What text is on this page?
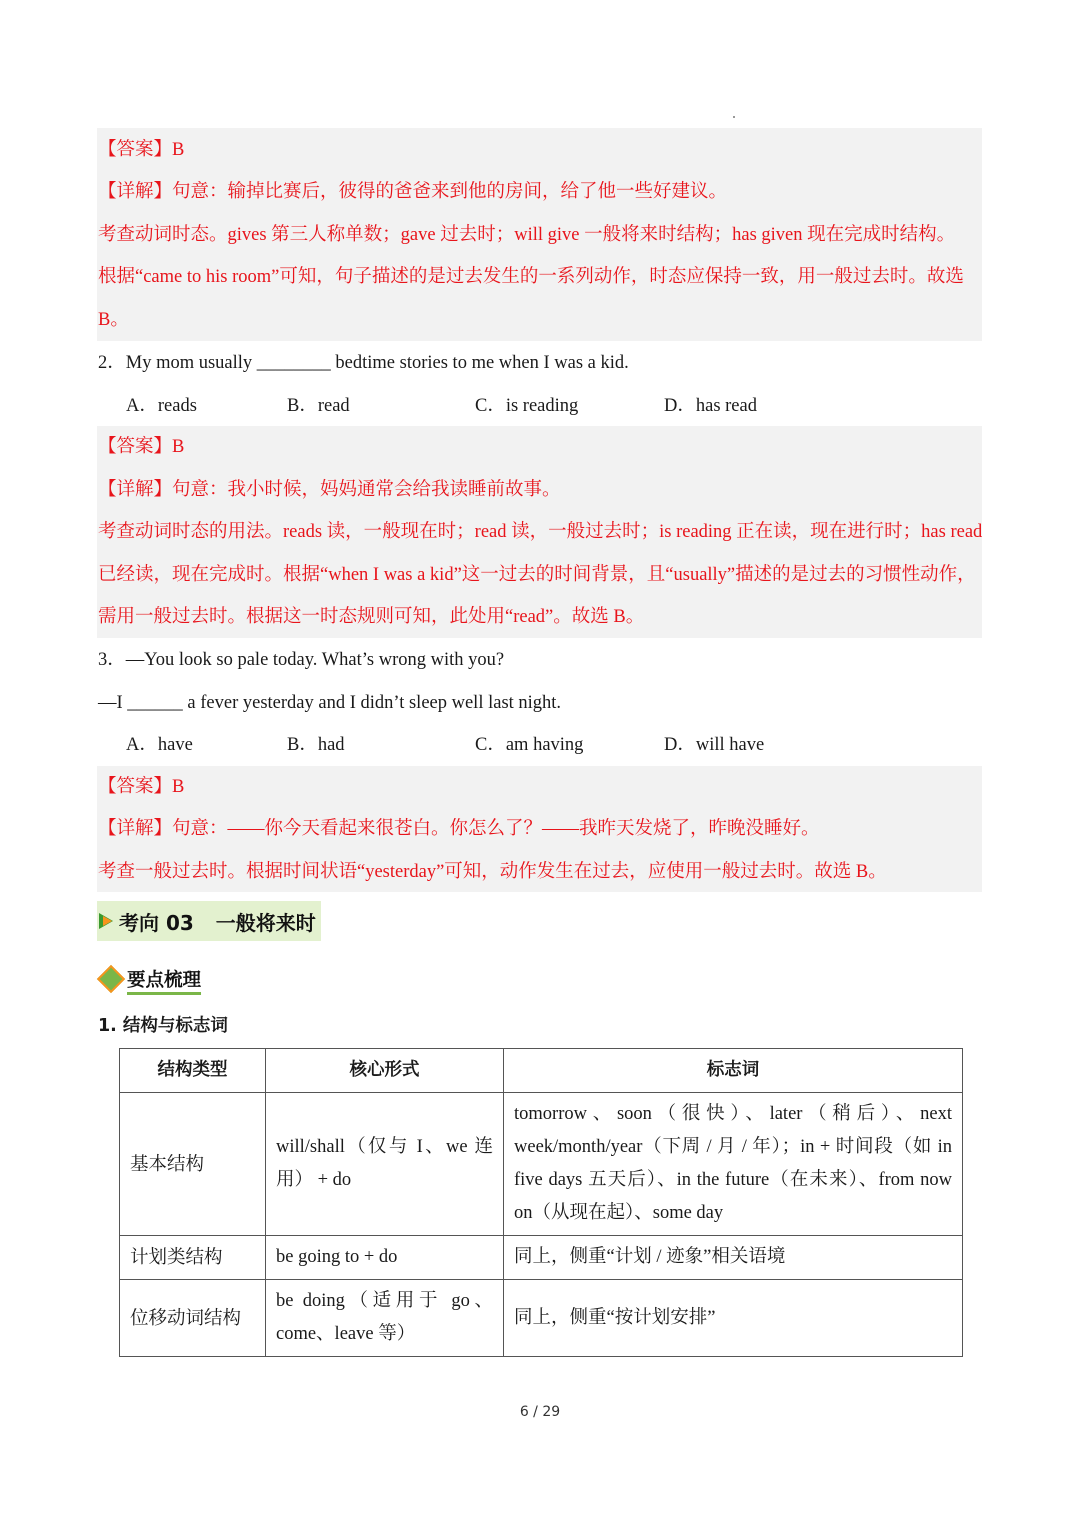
【答案】B
【详解】句意：输掉比赛后，彼得的爸爸来到他的房间，给了他一些好建议。
考查动词时态。gives 第三人称单数；gave 过去时；will give 一般将来时结构；has given 现在完成时结构。
根据“came to his room”可知，句子描述的是过去发生的一系列动作，时态应保持一致，用一般过去时。故选
B。
2．My mom usually ________ bedtime stories to me when I was a kid.
A．reads	B．read	C．is reading	D．has read
【答案】B
【详解】句意：我小时候，妈妈通常会给我读睡前故事。
考查动词时态的用法。reads 读，一般现在时；read 读，一般过去时；is reading 正在读，现在进行时；has read
已经读，现在完成时。根据“when I was a kid”这一过去的时间背景，且“usually”描述的是过去的习惯性动作，
需用一般过去时。根据这一时态规则可知，此处用“read”。故选 B。
3．—You look so pale today. What’s wrong with you?
—I ______ a fever yesterday and I didn’t sleep well last night.
A．have	B．had	C．am having	D．will have
【答案】B
【详解】句意：——你今天看起来很苍白。你怎么了？——我昨天发烧了，昨晚没睡好。
考查一般过去时。根据时间状语“yesterday”可知，动作发生在过去，应使用一般过去时。故选 B。
考向 03 一般将来时
要点梳理
1. 结构与标志词
结构类型	核心形式	标志词
基本结构	will/shall（仅与 I、we 连用） + do	tomorrow、soon（很快）、later（稍后）、next week/month/year（下周 / 月 / 年）；in + 时间段（如 in five days 五天后）、in the future（在未来）、from now on（从现在起）、some day
计划类结构	be going to + do	同上，侧重“计划 / 迹象”相关语境
位移动词结构	be doing（适用于 go、come、leave 等）	同上，侧重“按计划安排”
6 / 29
